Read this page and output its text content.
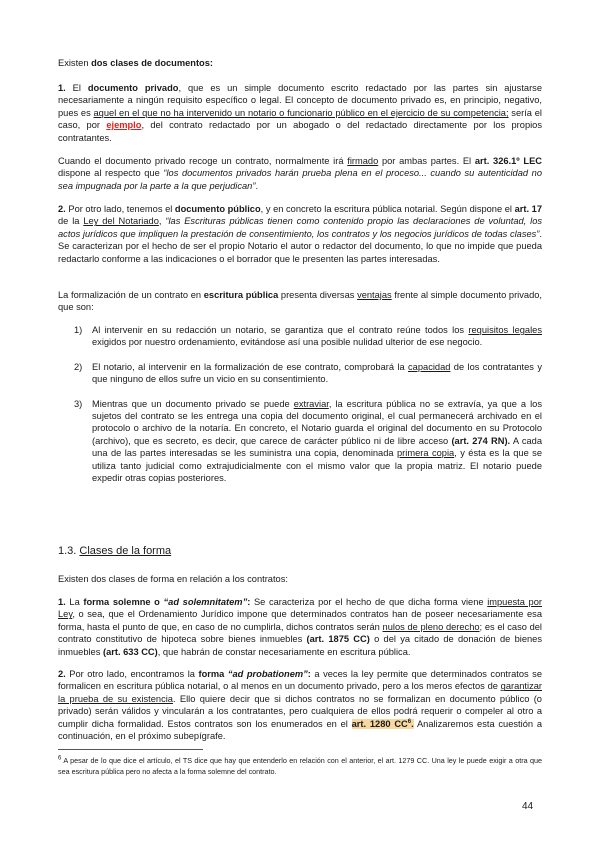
Existen dos clases de documentos:

1. El documento privado, que es un simple documento escrito redactado por las partes sin ajustarse necesariamente a ningún requisito específico o legal. El concepto de documento privado es, en principio, negativo, pues es aquel en el que no ha intervenido un notario o funcionario público en el ejercicio de su competencia; sería el caso, por ejemplo, del contrato redactado por un abogado o del redactado directamente por los propios contratantes.

Cuando el documento privado recoge un contrato, normalmente irá firmado por ambas partes. El art. 326.1º LEC dispone al respecto que “los documentos privados harán prueba plena en el proceso... cuando su autenticidad no sea impugnada por la parte a la que perjudican”.

2. Por otro lado, tenemos el documento público, y en concreto la escritura pública notarial. Según dispone el art. 17 de la Ley del Notariado, “las Escrituras públicas tienen como contenido propio las declaraciones de voluntad, los actos jurídicos que impliquen la prestación de consentimiento, los contratos y los negocios jurídicos de todas clases”. Se caracterizan por el hecho de ser el propio Notario el autor o redactor del documento, lo que no impide que pueda redactarlo conforme a las indicaciones o el borrador que le presenten las partes interesadas.

La formalización de un contrato en escritura pública presenta diversas ventajas frente al simple documento privado, que son:

1) Al intervenir en su redacción un notario, se garantiza que el contrato reúne todos los requisitos legales exigidos por nuestro ordenamiento, evitándose así una posible nulidad ulterior de ese negocio.
2) El notario, al intervenir en la formalización de ese contrato, comprobará la capacidad de los contratantes y que ninguno de ellos sufre un vicio en su consentimiento.
3) Mientras que un documento privado se puede extraviar, la escritura pública no se extravía, ya que a los sujetos del contrato se les entrega una copia del documento original, el cual permanecerá archivado en el protocolo o archivo de la notaría. En concreto, el Notario guarda el original del documento en su Protocolo (archivo), que es secreto, es decir, que carece de carácter público ni de libre acceso (art. 274 RN). A cada una de las partes interesadas se les suministra una copia, denominada primera copia, y ésta es la que se utiliza tanto judicial como extrajudicialmente con el mismo valor que la propia matriz. El notario puede expedir otras copias posteriores.
1.3. Clases de la forma

Existen dos clases de forma en relación a los contratos:

1. La forma solemne o “ad solemnitatem”: Se caracteriza por el hecho de que dicha forma viene impuesta por Ley, o sea, que el Ordenamiento Jurídico impone que determinados contratos han de poseer necesariamente esa forma, hasta el punto de que, en caso de no cumplirla, dichos contratos serán nulos de pleno derecho; es el caso del contrato constitutivo de hipoteca sobre bienes inmuebles (art. 1875 CC) o del ya citado de donación de bienes inmuebles (art. 633 CC), que habrán de constar necesariamente en escritura pública.

2. Por otro lado, encontramos la forma “ad probationem”: a veces la ley permite que determinados contratos se formalicen en escritura pública notarial, o al menos en un documento privado, pero a los meros efectos de garantizar la prueba de su existencia. Ello quiere decir que si dichos contratos no se formalizan en documento público (o privado) serán válidos y vincularán a los contratantes, pero cualquiera de ellos podrá requerir o compeler al otro a cumplir dicha formalidad. Estos contratos son los enumerados en el art. 1280 $CC^6$. Analizaremos esta cuestión a continuación, en el próximo subepígrafe.

$^6$ A pesar de lo que dice el artículo, el TS dice que hay que entenderlo en relación con el anterior, el art. 1279 CC. Una ley le puede exigir a otra que sea escritura pública pero no afecta a la forma solemne del contrato.
44
